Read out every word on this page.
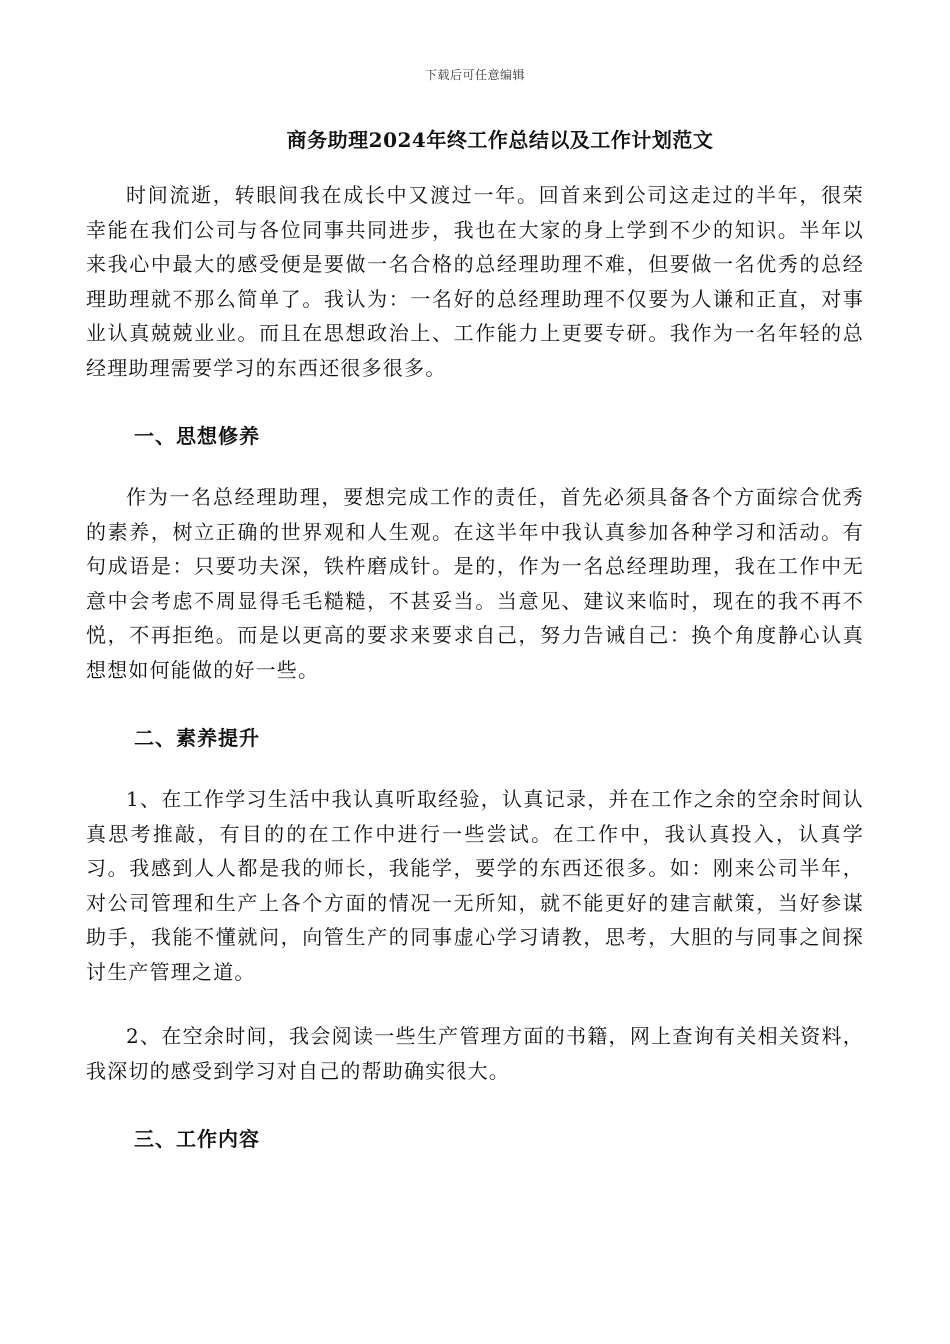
下载后可任意编辑
商务助理2024年终工作总结以及工作计划范文

时间流逝，转眼间我在成长中又渡过一年。回首来到公司这走过的半年，很荣幸能在我们公司与各位同事共同进步，我也在大家的身上学到不少的知识。半年以来我心中最大的感受便是要做一名合格的总经理助理不难，但要做一名优秀的总经理助理就不那么简单了。我认为：一名好的总经理助理不仅要为人谦和正直，对事业认真兢兢业业。而且在思想政治上、工作能力上更要专研。我作为一名年轻的总经理助理需要学习的东西还很多很多。

一、思想修养

作为一名总经理助理，要想完成工作的责任，首先必须具备各个方面综合优秀的素养，树立正确的世界观和人生观。在这半年中我认真参加各种学习和活动。有句成语是：只要功夫深，铁杵磨成针。是的，作为一名总经理助理，我在工作中无意中会考虑不周显得毛毛糙糙，不甚妥当。当意见、建议来临时，现在的我不再不悦，不再拒绝。而是以更高的要求来要求自己，努力告诫自己：换个角度静心认真想想如何能做的好一些。

二、素养提升

1、在工作学习生活中我认真听取经验，认真记录，并在工作之余的空余时间认真思考推敲，有目的的在工作中进行一些尝试。在工作中，我认真投入，认真学习。我感到人人都是我的师长，我能学，要学的东西还很多。如：刚来公司半年，对公司管理和生产上各个方面的情况一无所知，就不能更好的建言献策，当好参谋助手，我能不懂就问，向管生产的同事虚心学习请教，思考，大胆的与同事之间探讨生产管理之道。

2、在空余时间，我会阅读一些生产管理方面的书籍，网上查询有关相关资料，我深切的感受到学习对自己的帮助确实很大。

三、工作内容
